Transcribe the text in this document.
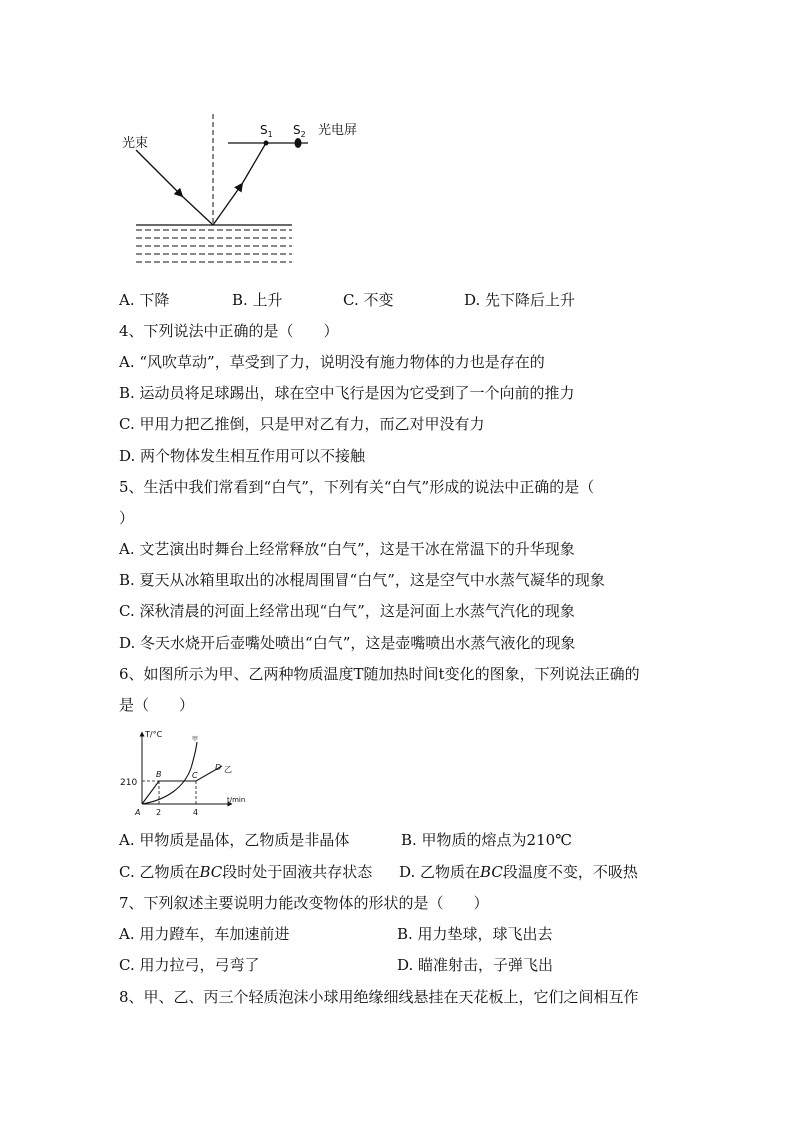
光束
$S_1$ $S_2$ 光电屏
A. 下降	B. 上升	C. 不变	D. 先下降后上升
4、下列说法中正确的是（　　）
A. “风吹草动”，草受到了力，说明没有施力物体的力也是存在的
B. 运动员将足球踢出，球在空中飞行是因为它受到了一个向前的推力
C. 甲用力把乙推倒，只是甲对乙有力，而乙对甲没有力
D. 两个物体发生相互作用可以不接触
5、生活中我们常看到“白气”，下列有关“白气”形成的说法中正确的是（
）
A. 文艺演出时舞台上经常释放“白气”，这是干冰在常温下的升华现象
B. 夏天从冰箱里取出的冰棍周围冒“白气”，这是空气中水蒸气凝华的现象
C. 深秋清晨的河面上经常出现“白气”，这是河面上水蒸气汽化的现象
D. 冬天水烧开后壶嘴处喷出“白气”，这是壶嘴喷出水蒸气液化的现象
6、如图所示为甲、乙两种物质温度T随加热时间t变化的图象，下列说法正确的
是（　　）
T/°C
t/min
210
2	4
A
B	C
D
甲
乙
A. 甲物质是晶体，乙物质是非晶体	B. 甲物质的熔点为210℃
C. 乙物质在BC段时处于固液共存状态 D. 乙物质在BC段温度不变，不吸热
7、下列叙述主要说明力能改变物体的形状的是（　　）
A. 用力蹬车，车加速前进	B. 用力垫球，球飞出去
C. 用力拉弓，弓弯了	D. 瞄准射击，子弹飞出
8、甲、乙、丙三个轻质泡沫小球用绝缘细线悬挂在天花板上，它们之间相互作
